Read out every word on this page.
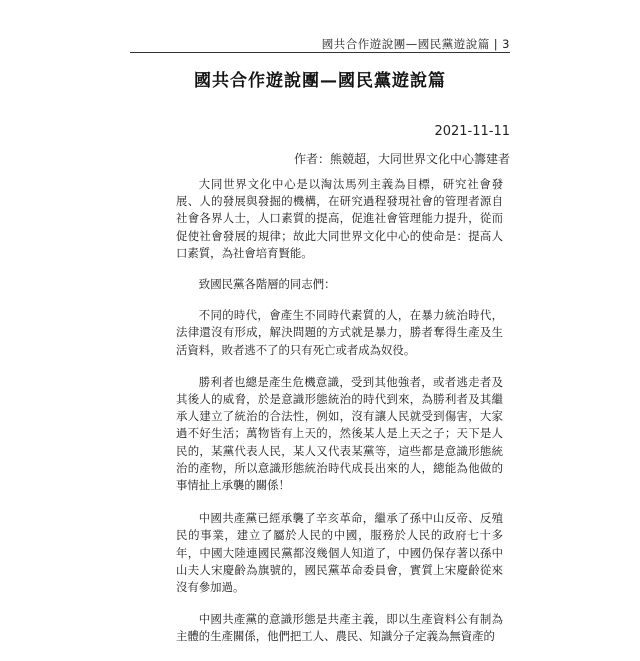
國共合作遊說團—國民黨遊說篇 | 3
國共合作遊說團—國民黨遊說篇
2021-11-11
作者：熊競超，大同世界文化中心籌建者

大同世界文化中心是以淘汰馬列主義為目標，研究社會發展、人的發展與發掘的機構，在研究過程發現社會的管理者源自社會各界人士，人口素質的提高，促進社會管理能力提升，從而促使社會發展的規律；故此大同世界文化中心的使命是：提高人口素質，為社會培育賢能。

致國民黨各階層的同志們：

不同的時代，會產生不同時代素質的人，在暴力統治時代，法律還沒有形成，解決問題的方式就是暴力，勝者奪得生產及生活資料，敗者逃不了的只有死亡或者成為奴役。

勝利者也總是產生危機意識，受到其他強者，或者逃走者及其後人的威脅，於是意識形態統治的時代到來，為勝利者及其繼承人建立了統治的合法性，例如，沒有讓人民就受到傷害，大家過不好生活；萬物皆有上天的，然後某人是上天之子；天下是人民的，某黨代表人民，某人又代表某黨等，這些都是意識形態統治的產物，所以意識形態統治時代成長出來的人，總能為他做的事情扯上承襲的關係！

中國共產黨已經承襲了辛亥革命，繼承了孫中山反帝、反殖民的事業，建立了屬於人民的中國，服務於人民的政府七十多年，中國大陸連國民黨都沒幾個人知道了，中國仍保存著以孫中山夫人宋慶齡為旗號的，國民黨革命委員會，實質上宋慶齡從來沒有參加過。

中國共產黨的意識形態是共產主義，即以生產資料公有制為主體的生產關係，他們把工人、農民、知識分子定義為無資產的
